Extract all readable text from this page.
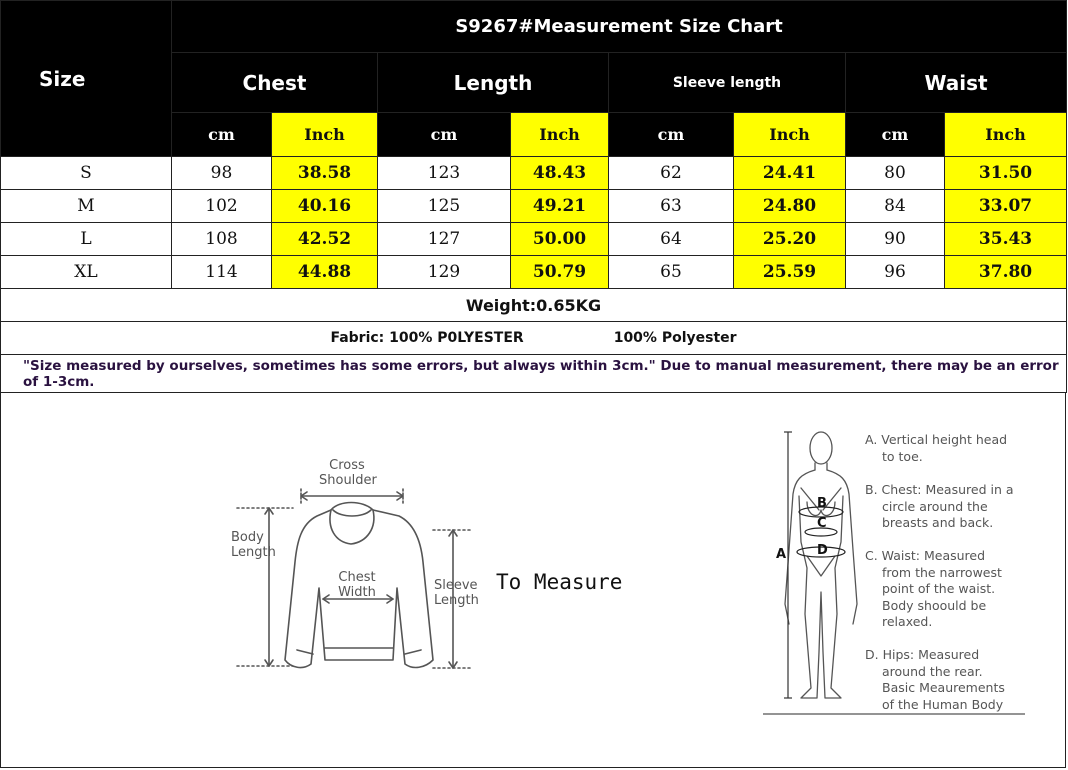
Size	S9267#Measurement Size Chart							
	Chest		Length		Sleeve length		Waist	
	cm	Inch	cm	Inch	cm	Inch	cm	Inch
S	98	38.58	123	48.43	62	24.41	80	31.50
M	102	40.16	125	49.21	63	24.80	84	33.07
L	108	42.52	127	50.00	64	25.20	90	35.43
XL	114	44.88	129	50.79	65	25.59	96	37.80
Weight:0.65KG								
Fabric: 100% P0LYESTER 100% Polyester								
"Size measured by ourselves, sometimes has some errors, but always within 3cm." Due to manual measurement, there may be an error of 1-3cm.								
Cross
Shoulder
Body
Length
Chest
Width	Sleeve
Length
To Measure
A
B
C
D
A. Vertical height head
to toe.
B. Chest: Measured in a
circle around the
breasts and back.
C. Waist: Measured
from the narrowest
point of the waist.
Body shoould be
relaxed.
D. Hips: Measured
around the rear.
Basic Meaurements
of the Human Body
